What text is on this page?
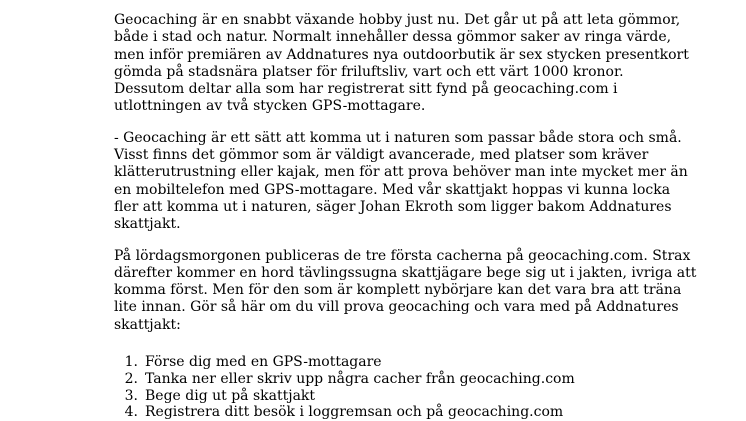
Geocaching är en snabbt växande hobby just nu. Det går ut på att leta gömmor,
både i stad och natur. Normalt innehåller dessa gömmor saker av ringa värde,
men inför premiären av Addnatures nya outdoorbutik är sex stycken presentkort
gömda på stadsnära platser för friluftsliv, vart och ett värt 1000 kronor.
Dessutom deltar alla som har registrerat sitt fynd på geocaching.com i
utlottningen av två stycken GPS-mottagare.

- Geocaching är ett sätt att komma ut i naturen som passar både stora och små.
Visst finns det gömmor som är väldigt avancerade, med platser som kräver
klätterutrustning eller kajak, men för att prova behöver man inte mycket mer än
en mobiltelefon med GPS-mottagare. Med vår skattjakt hoppas vi kunna locka
fler att komma ut i naturen, säger Johan Ekroth som ligger bakom Addnatures
skattjakt.

På lördagsmorgonen publiceras de tre första cacherna på geocaching.com. Strax
därefter kommer en hord tävlingssugna skattjägare bege sig ut i jakten, ivriga att
komma först. Men för den som är komplett nybörjare kan det vara bra att träna
lite innan. Gör så här om du vill prova geocaching och vara med på Addnatures
skattjakt:

1. Förse dig med en GPS-mottagare
2. Tanka ner eller skriv upp några cacher från geocaching.com
3. Bege dig ut på skattjakt
4. Registrera ditt besök i loggremsan och på geocaching.com
